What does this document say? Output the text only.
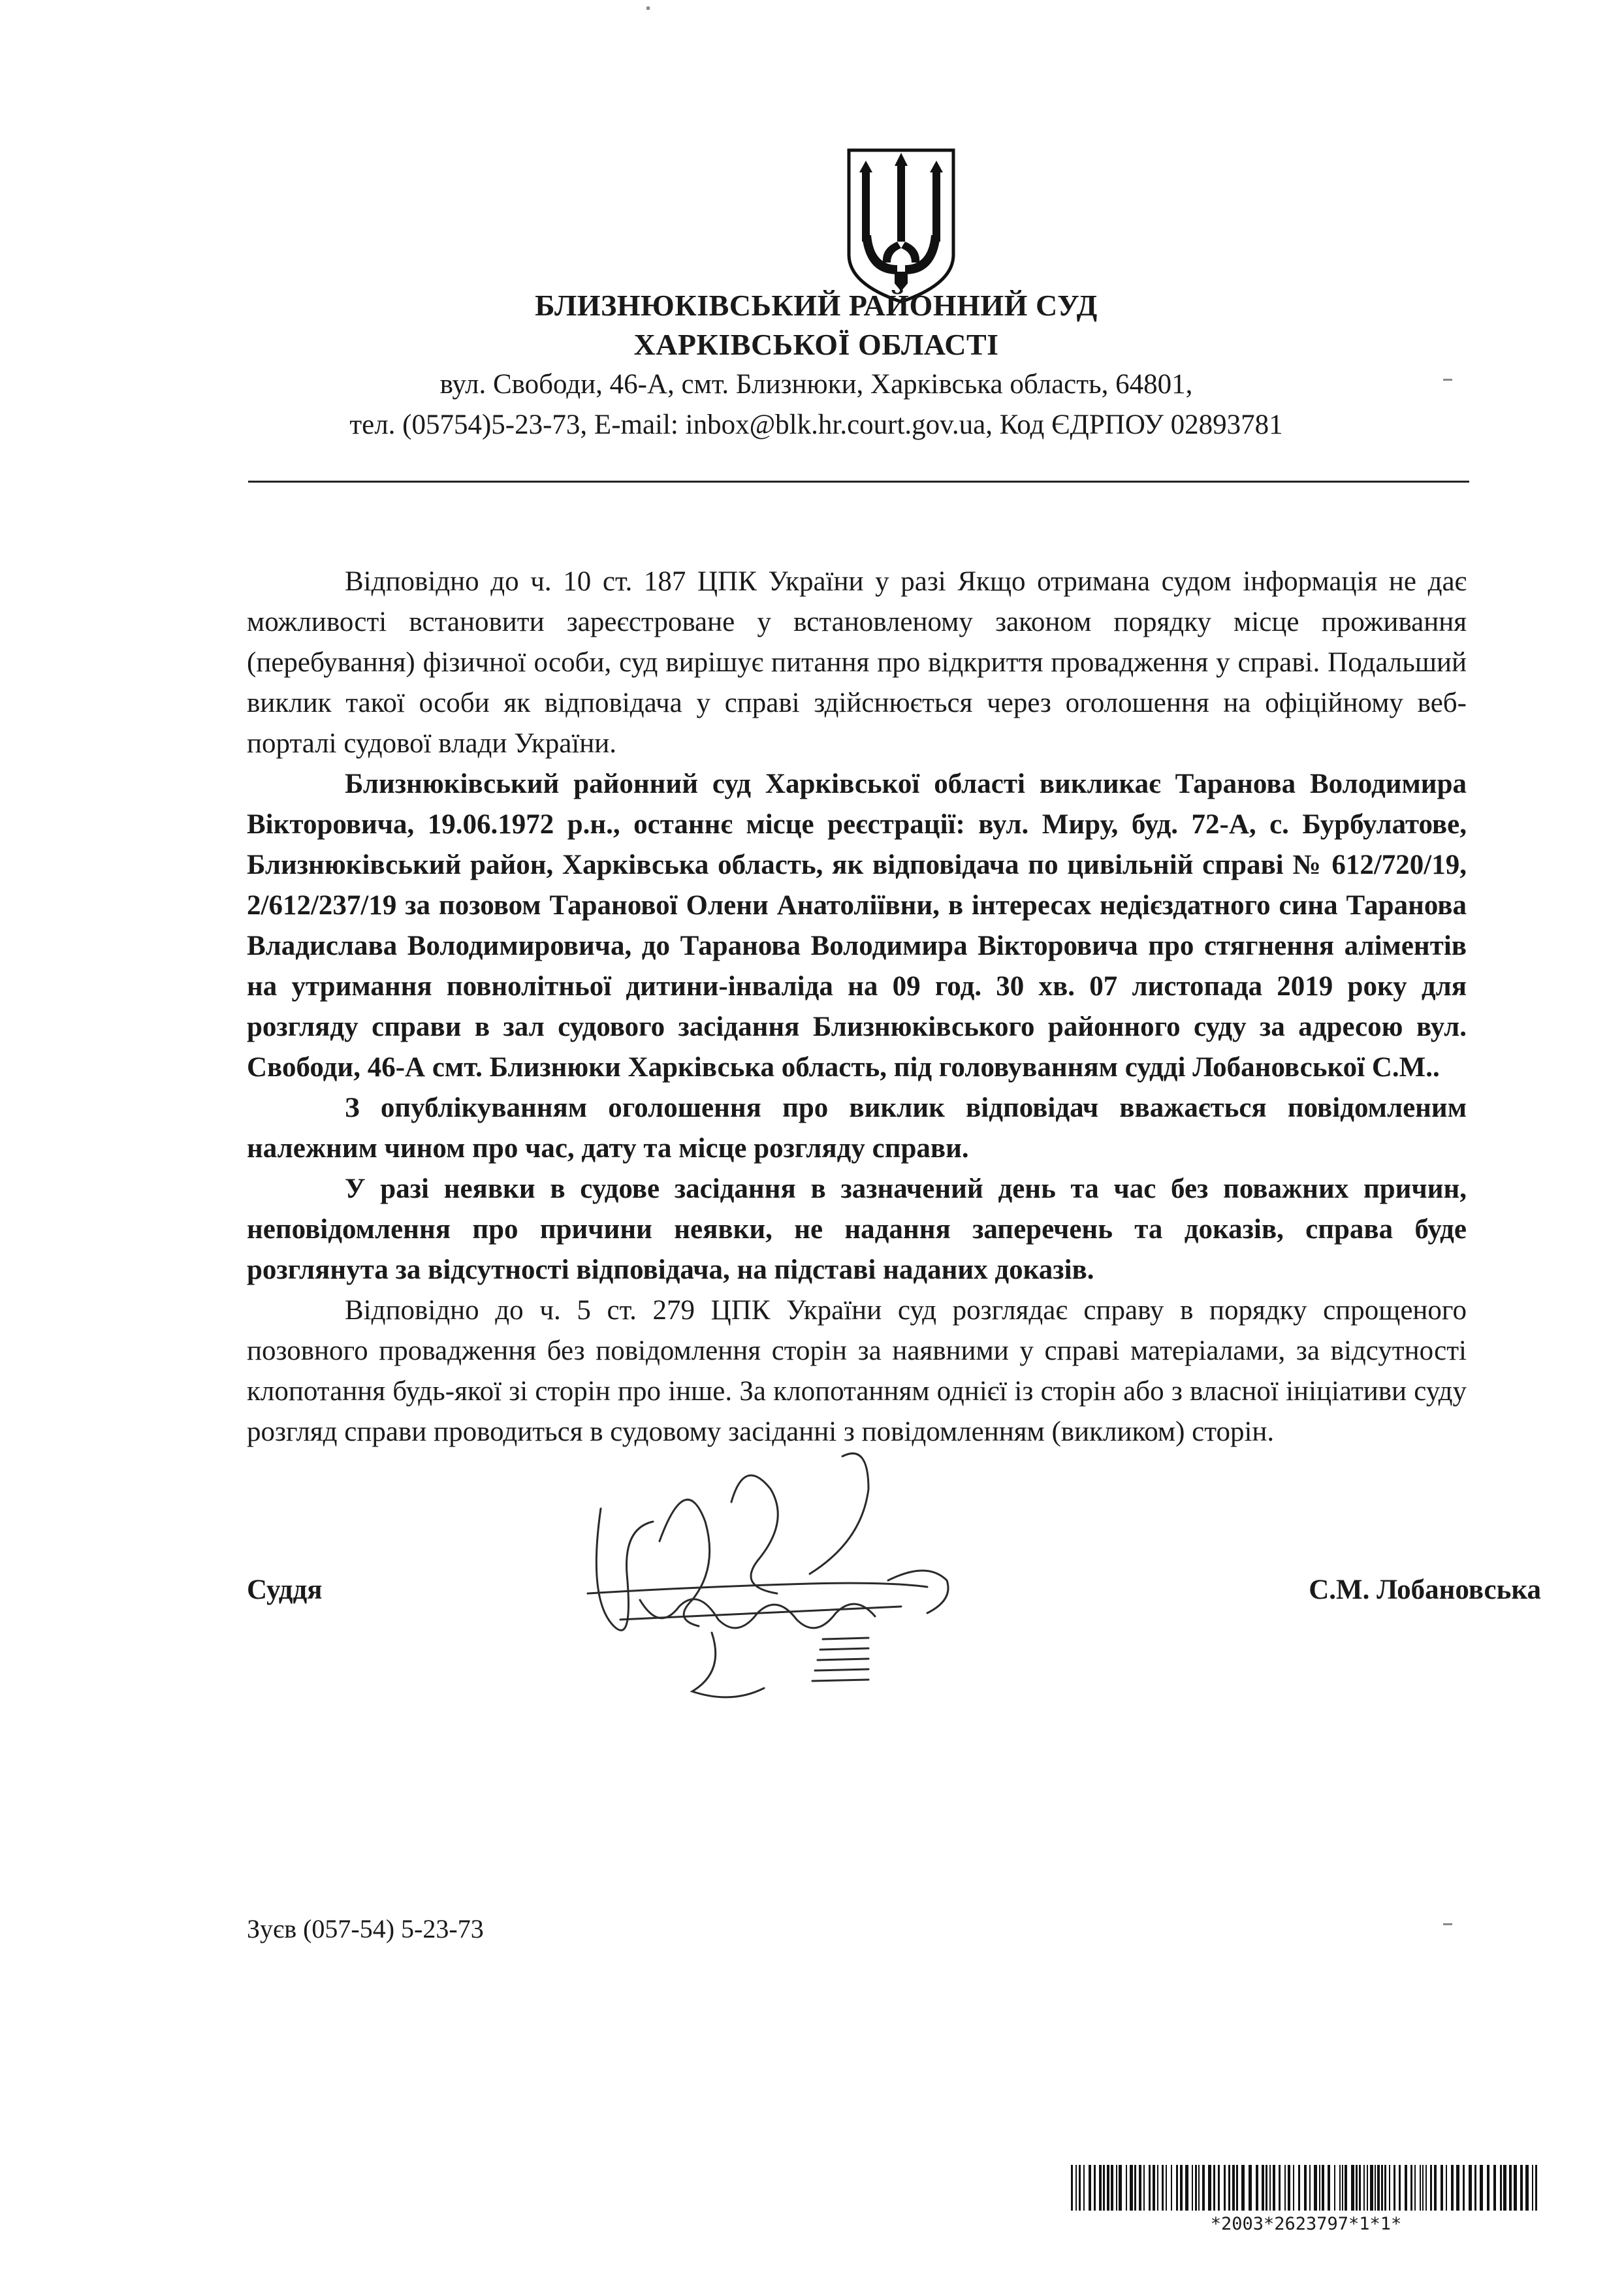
БЛИЗНЮКІВСЬКИЙ РАЙОННИЙ СУД
ХАРКІВСЬКОЇ ОБЛАСТІ
вул. Свободи, 46-А, смт. Близнюки, Харківська область, 64801,
тел. (05754)5-23-73, E-mail: inbox@blk.hr.court.gov.ua, Код ЄДРПОУ 02893781

Відповідно до ч. 10 ст. 187 ЦПК України у разі Якщо отримана судом інформація не дає можливості встановити зареєстроване у встановленому законом порядку місце проживання (перебування) фізичної особи, суд вирішує питання про відкриття провадження у справі. Подальший виклик такої особи як відповідача у справі здійснюється через оголошення на офіційному веб-порталі судової влади України.

Близнюківський районний суд Харківської області викликає Таранова Володимира Вікторовича, 19.06.1972 р.н., останнє місце реєстрації: вул. Миру, буд. 72-А, с. Бурбулатове, Близнюківський район, Харківська область, як відповідача по цивільній справі № 612/720/19, 2/612/237/19 за позовом Таранової Олени Анатоліївни, в інтересах недієздатного сина Таранова Владислава Володимировича, до Таранова Володимира Вікторовича про стягнення аліментів на утримання повнолітньої дитини-інваліда на 09 год. 30 хв. 07 листопада 2019 року для розгляду справи в зал судового засідання Близнюківського районного суду за адресою вул. Свободи, 46-А смт. Близнюки Харківська область, під головуванням судді Лобановської С.М..

З опублікуванням оголошення про виклик відповідач вважається повідомленим належним чином про час, дату та місце розгляду справи.

У разі неявки в судове засідання в зазначений день та час без поважних причин, неповідомлення про причини неявки, не надання заперечень та доказів, справа буде розглянута за відсутності відповідача, на підставі наданих доказів.

Відповідно до ч. 5 ст. 279 ЦПК України суд розглядає справу в порядку спрощеного позовного провадження без повідомлення сторін за наявними у справі матеріалами, за відсутності клопотання будь-якої зі сторін про інше. За клопотанням однієї із сторін або з власної ініціативи суду розгляд справи проводиться в судовому засіданні з повідомленням (викликом) сторін.

Суддя	С.М. Лобановська
Зуєв (057-54) 5-23-73
*2003*2623797*1*1*
